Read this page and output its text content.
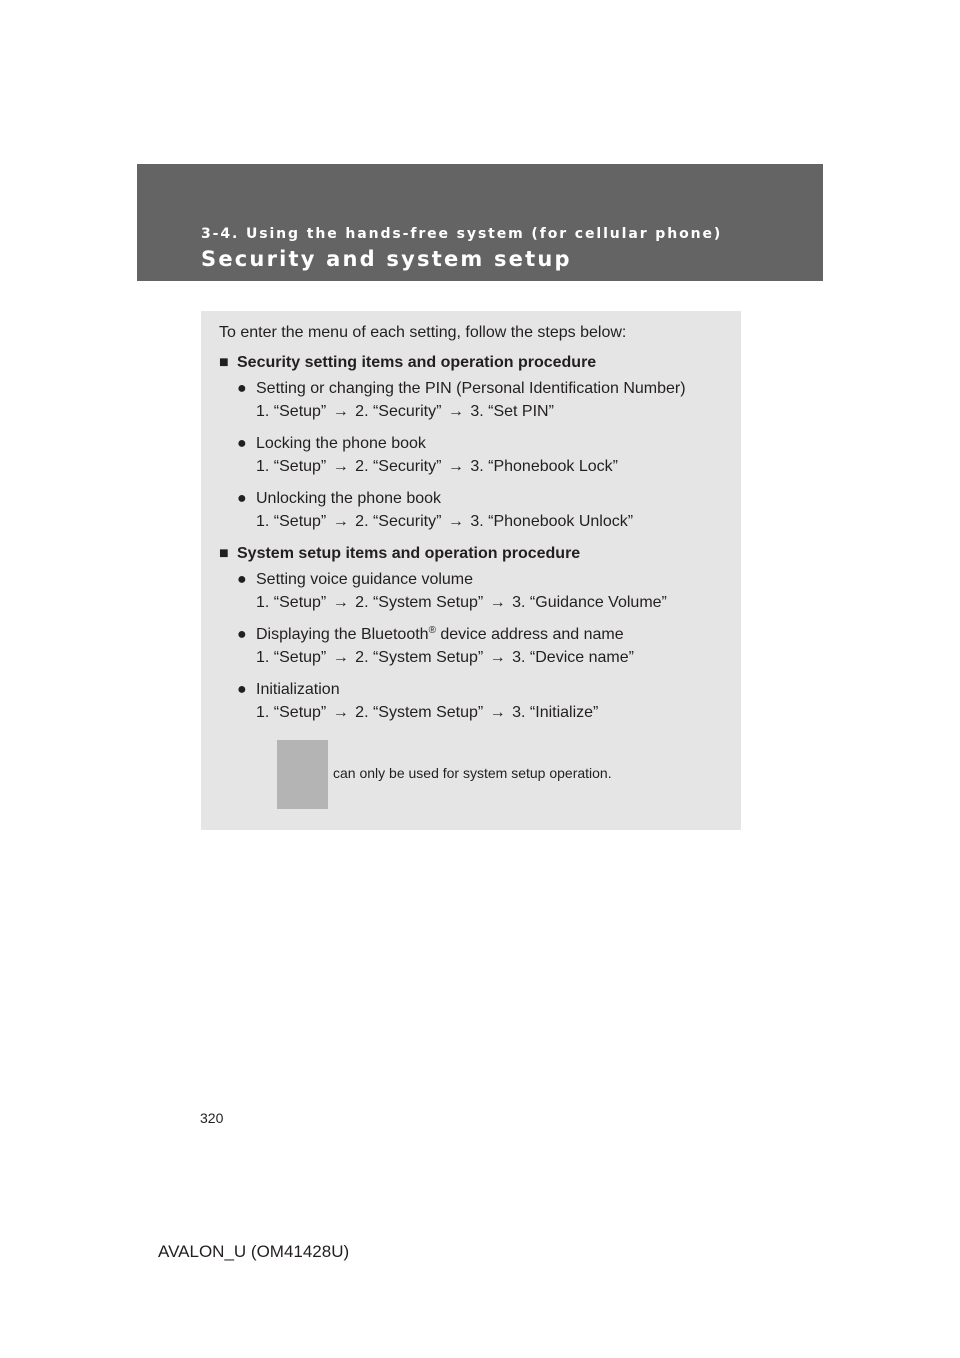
3-4. Using the hands-free system (for cellular phone)
Security and system setup
To enter the menu of each setting, follow the steps below:
■ Security setting items and operation procedure
● Setting or changing the PIN (Personal Identification Number)
1. “Setup” → 2. “Security” → 3. “Set PIN”
● Locking the phone book
1. “Setup” → 2. “Security” → 3. “Phonebook Lock”
● Unlocking the phone book
1. “Setup” → 2. “Security” → 3. “Phonebook Unlock”
■ System setup items and operation procedure
● Setting voice guidance volume
1. “Setup” → 2. “System Setup” → 3. “Guidance Volume”
● Displaying the Bluetooth® device address and name
1. “Setup” → 2. “System Setup” → 3. “Device name”
● Initialization
1. “Setup” → 2. “System Setup” → 3. “Initialize”
can only be used for system setup operation.
320
AVALON_U (OM41428U)
